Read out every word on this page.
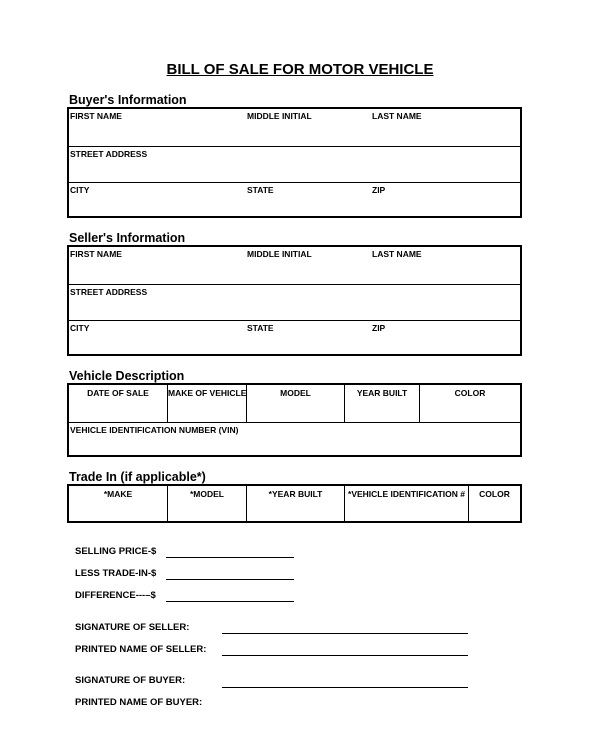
BILL OF SALE FOR MOTOR VEHICLE
Buyer's Information
FIRST NAME	MIDDLE INITIAL	LAST NAME
STREET ADDRESS
CITY	STATE	ZIP
Seller's Information
FIRST NAME	MIDDLE INITIAL	LAST NAME
STREET ADDRESS
CITY	STATE	ZIP
Vehicle Description
DATE OF SALE	MAKE OF VEHICLE	MODEL	YEAR BUILT	COLOR
VEHICLE IDENTIFICATION NUMBER (VIN)
Trade In (if applicable*)
*MAKE	*MODEL	*YEAR BUILT	*VEHICLE IDENTIFICATION #	COLOR
SELLING PRICE-$
LESS TRADE-IN-$
DIFFERENCE---–$
SIGNATURE OF SELLER:
PRINTED NAME OF SELLER:
SIGNATURE OF BUYER:
PRINTED NAME OF BUYER:
